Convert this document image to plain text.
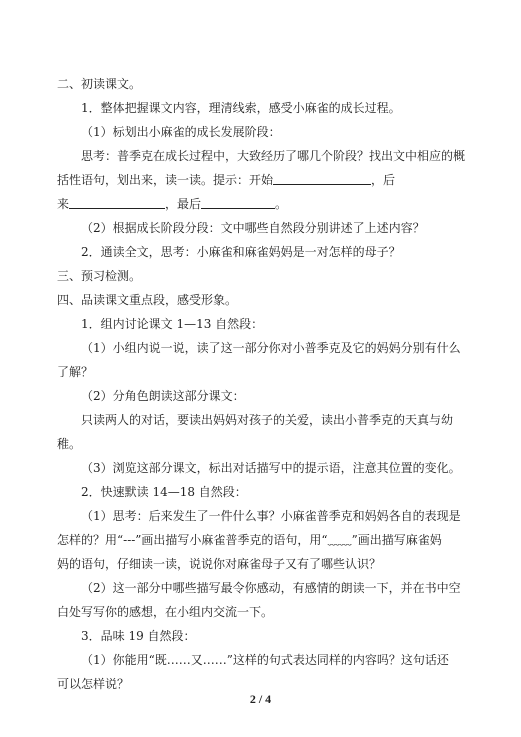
二、初读课文。
1．整体把握课文内容，理清线索，感受小麻雀的成长过程。
（1）标划出小麻雀的成长发展阶段：
思考：普季克在成长过程中，大致经历了哪几个阶段？找出文中相应的概
括性语句，划出来，读一读。提示：开始	，后
来	，最后	。
（2）根据成长阶段分段：文中哪些自然段分别讲述了上述内容？
2．通读全文，思考：小麻雀和麻雀妈妈是一对怎样的母子？
三、预习检测。
四、品读课文重点段，感受形象。
1．组内讨论课文 1—13 自然段：
（1）小组内说一说，读了这一部分你对小普季克及它的妈妈分别有什么
了解？
（2）分角色朗读这部分课文：
只读两人的对话，要读出妈妈对孩子的关爱，读出小普季克的天真与幼
稚。
（3）浏览这部分课文，标出对话描写中的提示语，注意其位置的变化。
2．快速默读 14—18 自然段：
（1）思考：后来发生了一件什么事？小麻雀普季克和妈妈各自的表现是
怎样的？用“---”画出描写小麻雀普季克的语句，用“﹏﹏”画出描写麻雀妈
妈的语句，仔细读一读，说说你对麻雀母子又有了哪些认识？
（2）这一部分中哪些描写最令你感动，有感情的朗读一下，并在书中空
白处写写你的感想，在小组内交流一下。
3．品味 19 自然段：
（1）你能用“既……又……”这样的句式表达同样的内容吗？这句话还
可以怎样说？
2 / 4
